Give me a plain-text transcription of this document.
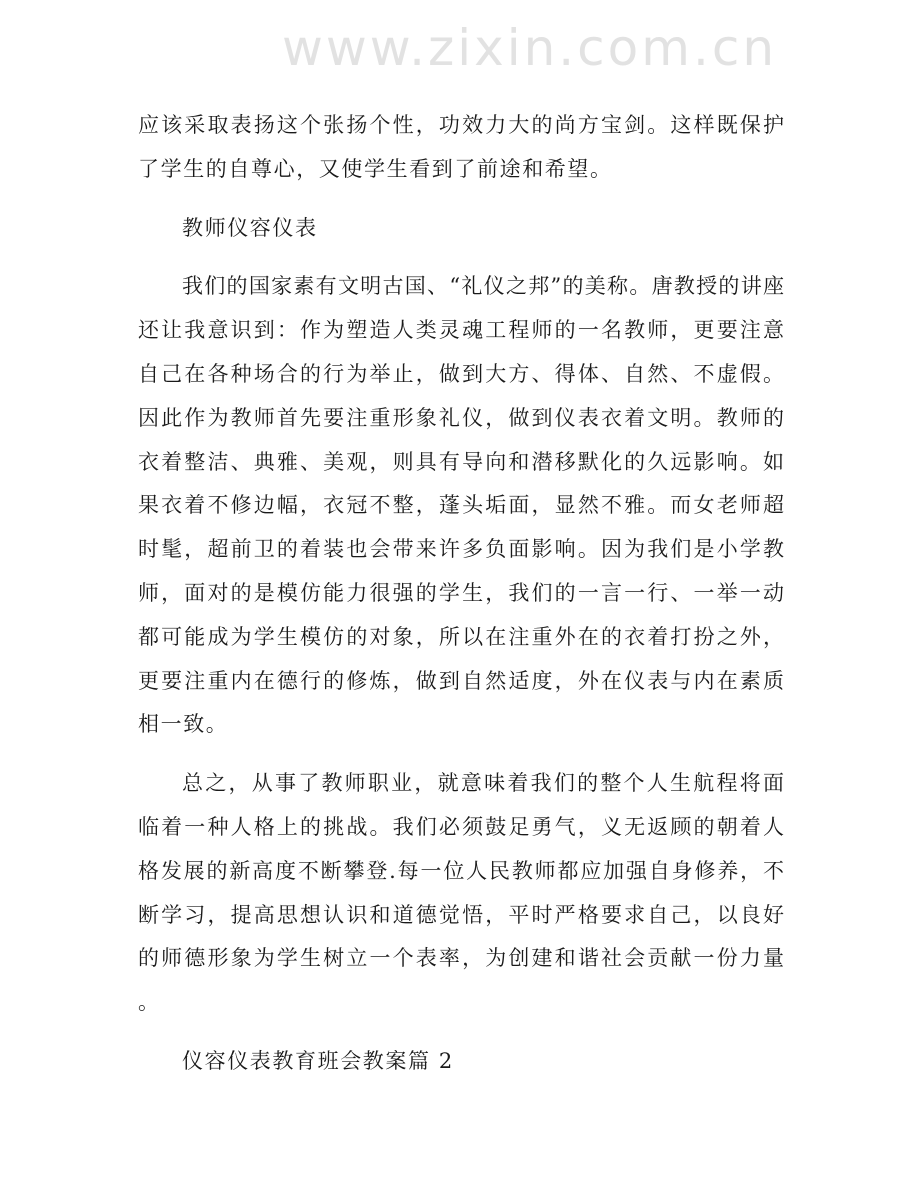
www.zixin.com.cn
应该采取表扬这个张扬个性，功效力大的尚方宝剑。这样既保护
了学生的自尊心，又使学生看到了前途和希望。
教师仪容仪表
我们的国家素有文明古国、“礼仪之邦”的美称。唐教授的讲座
还让我意识到：作为塑造人类灵魂工程师的一名教师，更要注意
自己在各种场合的行为举止，做到大方、得体、自然、不虚假。
因此作为教师首先要注重形象礼仪，做到仪表衣着文明。教师的
衣着整洁、典雅、美观，则具有导向和潜移默化的久远影响。如
果衣着不修边幅，衣冠不整，蓬头垢面，显然不雅。而女老师超
时髦，超前卫的着装也会带来许多负面影响。因为我们是小学教
师，面对的是模仿能力很强的学生，我们的一言一行、一举一动
都可能成为学生模仿的对象，所以在注重外在的衣着打扮之外，
更要注重内在德行的修炼，做到自然适度，外在仪表与内在素质
相一致。
总之，从事了教师职业，就意味着我们的整个人生航程将面
临着一种人格上的挑战。我们必须鼓足勇气，义无返顾的朝着人
格发展的新高度不断攀登.每一位人民教师都应加强自身修养，不
断学习，提高思想认识和道德觉悟，平时严格要求自己，以良好
的师德形象为学生树立一个表率，为创建和谐社会贡献一份力量
。
仪容仪表教育班会教案篇 2
